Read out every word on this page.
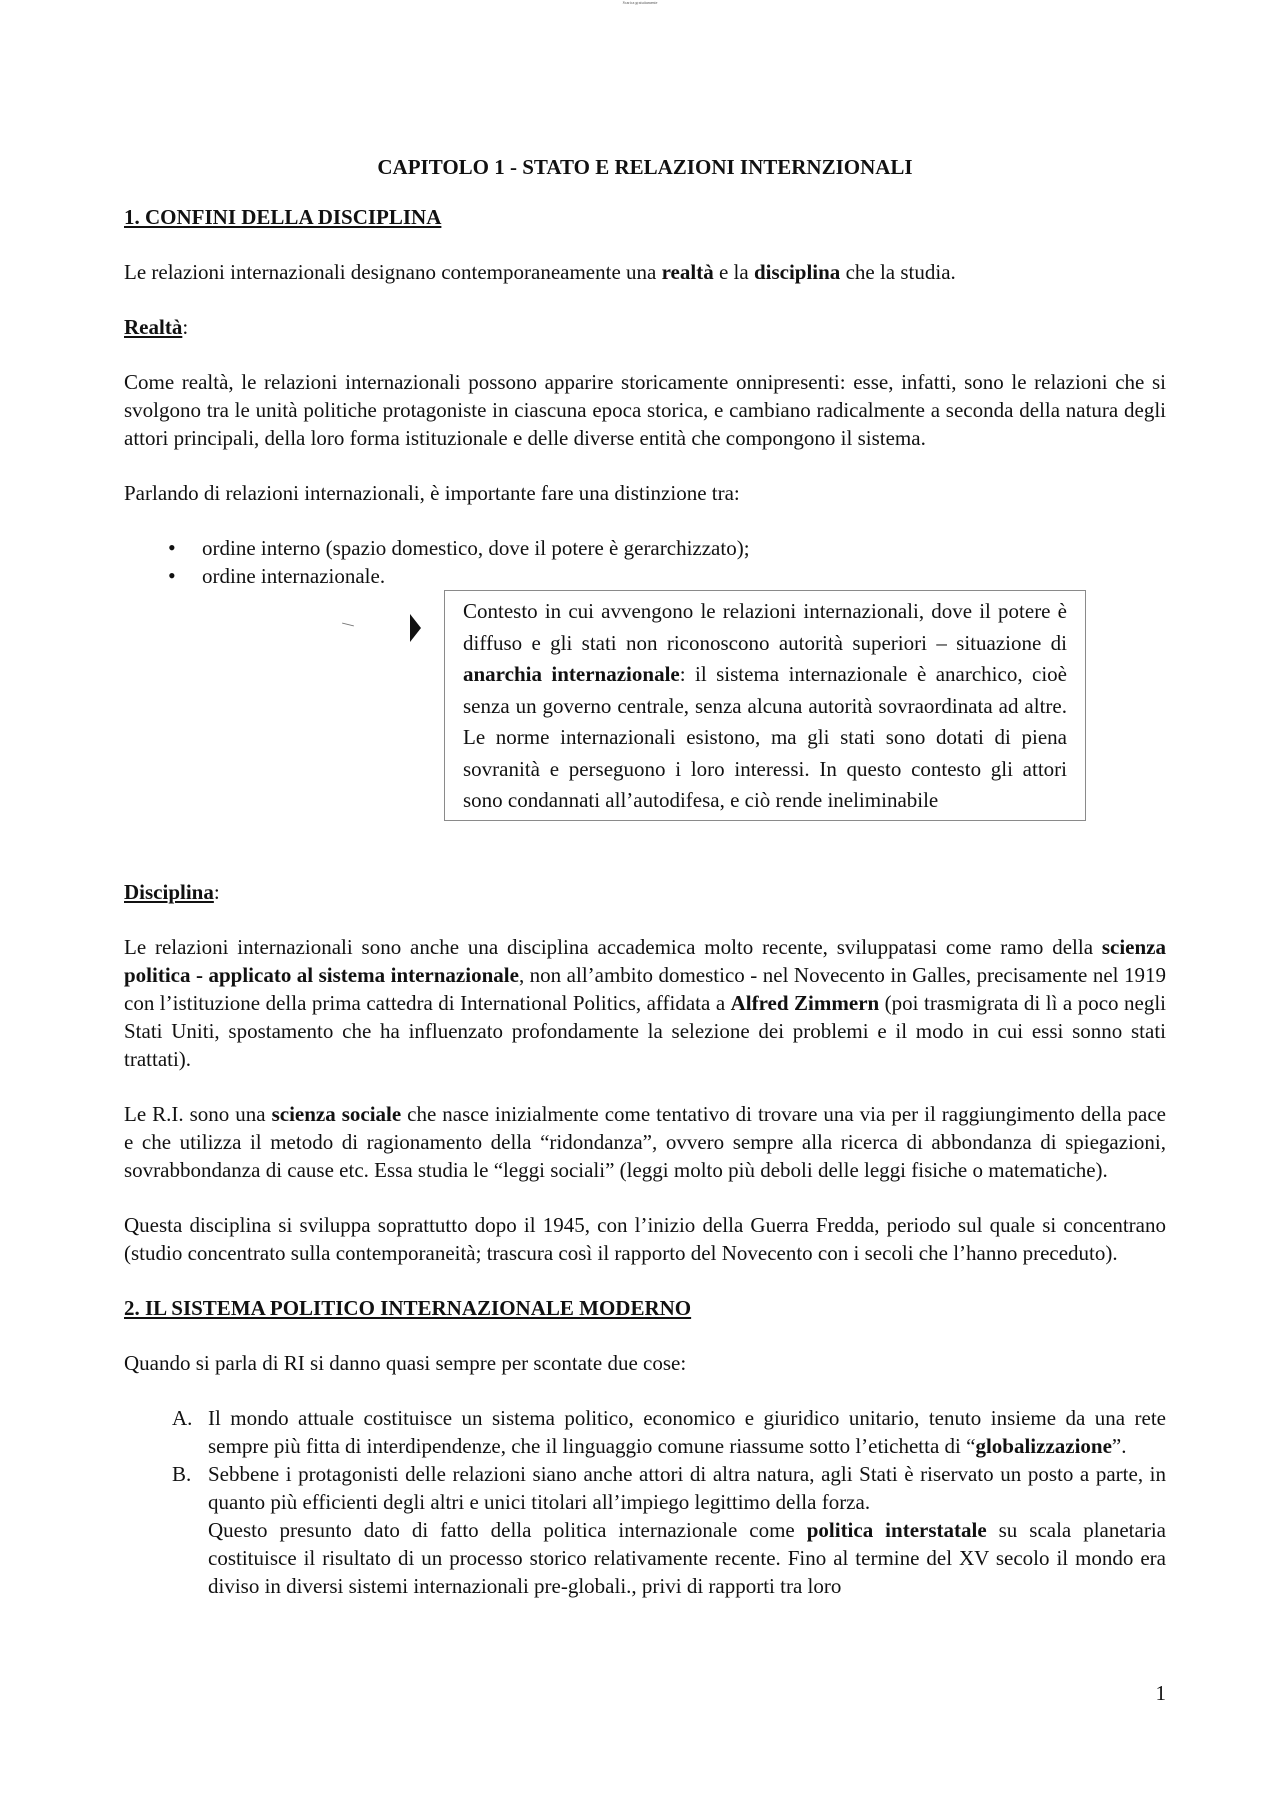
Scarica gratuitamente
CAPITOLO 1 - STATO E RELAZIONI INTERNZIONALI
1. CONFINI DELLA DISCIPLINA

Le relazioni internazionali designano contemporaneamente una realtà e la disciplina che la studia.

Realtà:

Come realtà, le relazioni internazionali possono apparire storicamente onnipresenti: esse, infatti, sono le relazioni che si svolgono tra le unità politiche protagoniste in ciascuna epoca storica, e cambiano radicalmente a seconda della natura degli attori principali, della loro forma istituzionale e delle diverse entità che compongono il sistema.

Parlando di relazioni internazionali, è importante fare una distinzione tra:

• ordine interno (spazio domestico, dove il potere è gerarchizzato);
• ordine internazionale.
Contesto in cui avvengono le relazioni internazionali, dove il potere è diffuso e gli stati non riconoscono autorità superiori – situazione di anarchia internazionale: il sistema internazionale è anarchico, cioè senza un governo centrale, senza alcuna autorità sovraordinata ad altre. Le norme internazionali esistono, ma gli stati sono dotati di piena sovranità e perseguono i loro interessi. In questo contesto gli attori sono condannati all’autodifesa, e ciò rende ineliminabile
Disciplina:

Le relazioni internazionali sono anche una disciplina accademica molto recente, sviluppatasi come ramo della scienza politica - applicato al sistema internazionale, non all’ambito domestico - nel Novecento in Galles, precisamente nel 1919 con l’istituzione della prima cattedra di International Politics, affidata a Alfred Zimmern (poi trasmigrata di lì a poco negli Stati Uniti, spostamento che ha influenzato profondamente la selezione dei problemi e il modo in cui essi sonno stati trattati).

Le R.I. sono una scienza sociale che nasce inizialmente come tentativo di trovare una via per il raggiungimento della pace e che utilizza il metodo di ragionamento della “ridondanza”, ovvero sempre alla ricerca di abbondanza di spiegazioni, sovrabbondanza di cause etc. Essa studia le “leggi sociali” (leggi molto più deboli delle leggi fisiche o matematiche).

Questa disciplina si sviluppa soprattutto dopo il 1945, con l’inizio della Guerra Fredda, periodo sul quale si concentrano (studio concentrato sulla contemporaneità; trascura così il rapporto del Novecento con i secoli che l’hanno preceduto).

2. IL SISTEMA POLITICO INTERNAZIONALE MODERNO

Quando si parla di RI si danno quasi sempre per scontate due cose:

A. Il mondo attuale costituisce un sistema politico, economico e giuridico unitario, tenuto insieme da una rete sempre più fitta di interdipendenze, che il linguaggio comune riassume sotto l’etichetta di “globalizzazione”.
B. Sebbene i protagonisti delle relazioni siano anche attori di altra natura, agli Stati è riservato un posto a parte, in quanto più efficienti degli altri e unici titolari all’impiego legittimo della forza.
Questo presunto dato di fatto della politica internazionale come politica interstatale su scala planetaria costituisce il risultato di un processo storico relativamente recente. Fino al termine del XV secolo il mondo era diviso in diversi sistemi internazionali pre-globali., privi di rapporti tra loro
1
